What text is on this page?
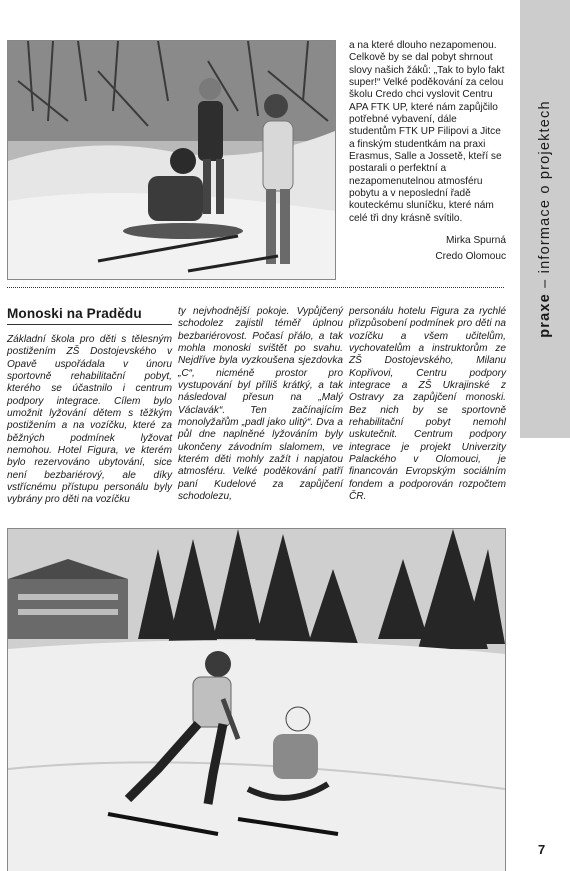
a na které dlouho nezapomenou. Celkově by se dal pobyt shrnout slovy našich žáků: „Tak to bylo fakt super!“ Velké poděkování za celou školu Credo chci vyslovit Centru APA FTK UP, které nám zapůjčilo potřebné vybavení, dále studentům FTK UP Filipovi a Jitce a finským studentkám na praxi Erasmus, Salle a Jossetě, kteří se postarali o perfektní a nezapomenutelnou atmosféru pobytu a v neposlední řadě kouteckému sluníčku, které nám celé tři dny krásně svítilo.

Mirka Spurná
Credo Olomouc
Monoski na Pradědu

Základní škola pro děti s tělesným postižením ZŠ Dostojevského v Opavě uspořádala v únoru sportovně rehabilitační pobyt, kterého se účastnilo i centrum podpory integrace. Cílem bylo umožnit lyžování dětem s těžkým postižením a na vozíčku, které za běžných podmínek lyžovat nemohou. Hotel Figura, ve kterém bylo rezervováno ubytování, sice není bezbariérový, ale díky vstřícnému přístupu personálu byly vybrány pro děti na vozíčku

ty nejvhodnější pokoje. Vypůjčený schodolez zajistil téměř úplnou bezbariérovost. Počasí přálo, a tak mohla monoski svištět po svahu. Nejdříve byla vyzkoušena sjezdovka „C“, nicméně prostor pro vystupování byl příliš krátký, a tak následoval přesun na „Malý Václavák“. Ten začínajícím monolyžařům „padl jako ulitý“. Dva a půl dne naplněné lyžováním byly ukončeny závodním slalomem, ve kterém děti mohly zažít i napjatou atmosféru. Velké poděkování patří paní Kudelové za zapůjčení schodolezu,

personálu hotelu Figura za rychlé přizpůsobení podmínek pro děti na vozíčku a všem učitelům, vychovatelům a instruktorům ze ZŠ Dostojevského, Milanu Kopřivovi, Centru podpory integrace a ZŠ Ukrajinské z Ostravy za zapůjčení monoski. Bez nich by se sportovně rehabilitační pobyt nemohl uskutečnit. Centrum podpory integrace je projekt Univerzity Palackého v Olomouci, je financován Evropským sociálním fondem a podporován rozpočtem ČR.

praxe – informace o projektech
7
